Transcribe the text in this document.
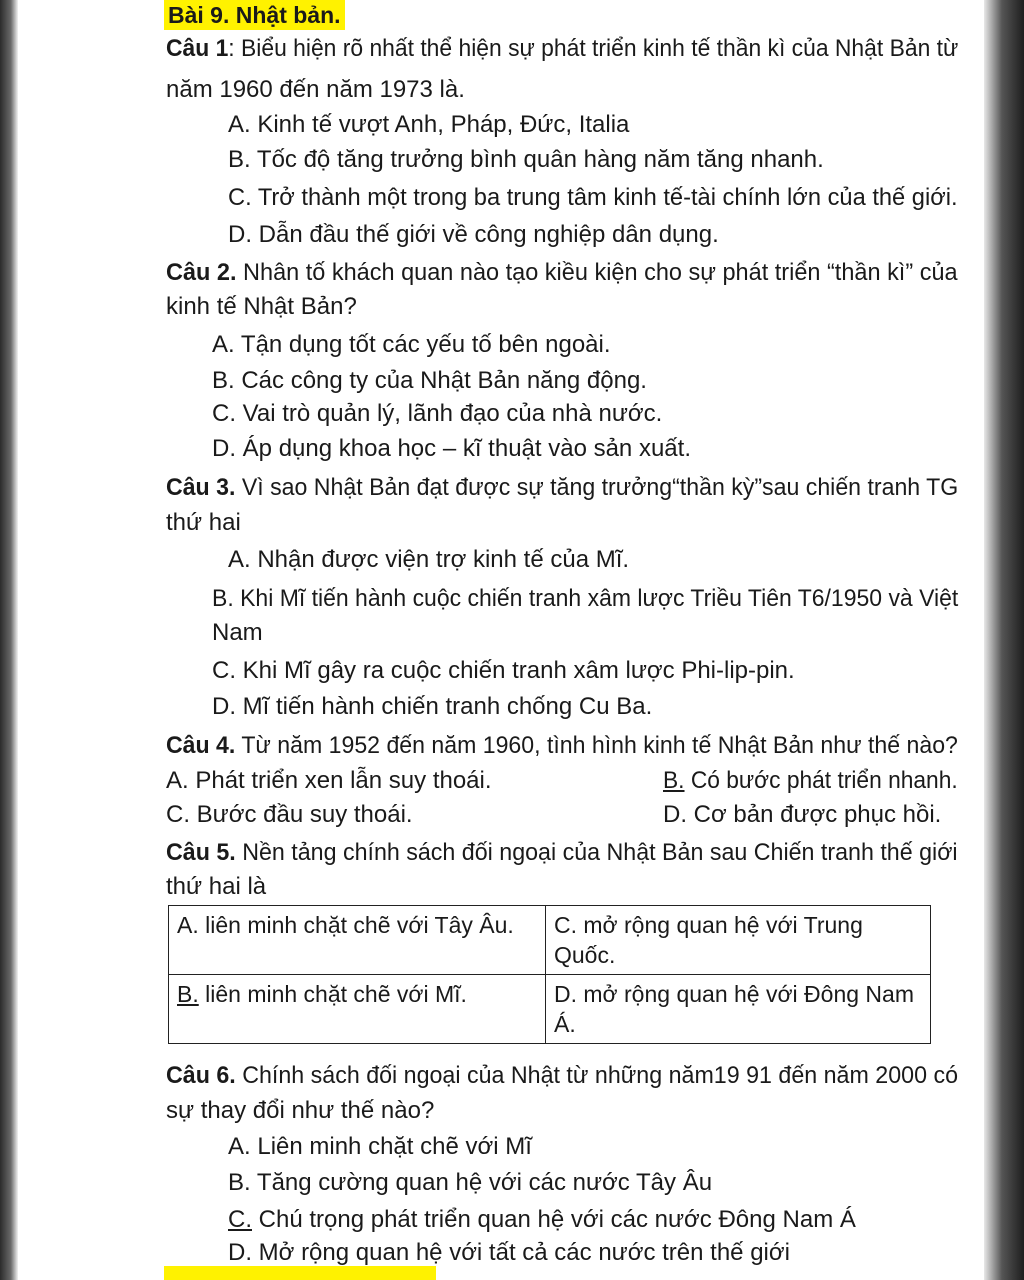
Bài 9. Nhật bản.
Câu 1: Biểu hiện rõ nhất thể hiện sự phát triển kinh tế thần kì của Nhật Bản từ
năm 1960 đến năm 1973 là.
A. Kinh tế vượt Anh, Pháp, Đức, Italia
B. Tốc độ tăng trưởng bình quân hàng năm tăng nhanh.
C. Trở thành một trong ba trung tâm kinh tế-tài chính lớn của thế giới.
D. Dẫn đầu thế giới về công nghiệp dân dụng.
Câu 2. Nhân tố khách quan nào tạo kiều kiện cho sự phát triển “thần kì” của
kinh tế Nhật Bản?
A. Tận dụng tốt các yếu tố bên ngoài.
B. Các công ty của Nhật Bản năng động.
C. Vai trò quản lý, lãnh đạo của nhà nước.
D. Áp dụng khoa học – kĩ thuật vào sản xuất.
Câu 3. Vì sao Nhật Bản đạt được sự tăng trưởng“thần kỳ”sau chiến tranh TG
thứ hai
A. Nhận được viện trợ kinh tế của Mĩ.
B. Khi Mĩ tiến hành cuộc chiến tranh xâm lược Triều Tiên T6/1950 và Việt
Nam
C. Khi Mĩ gây ra cuộc chiến tranh xâm lược Phi-lip-pin.
D. Mĩ tiến hành chiến tranh chống Cu Ba.
Câu 4. Từ năm 1952 đến năm 1960, tình hình kinh tế Nhật Bản như thế nào?
A. Phát triển xen lẫn suy thoái.	B. Có bước phát triển nhanh.
C. Bước đầu suy thoái.	D. Cơ bản được phục hồi.
Câu 5. Nền tảng chính sách đối ngoại của Nhật Bản sau Chiến tranh thế giới
thứ hai là
A. liên minh chặt chẽ với Tây Âu.	C. mở rộng quan hệ với Trung Quốc.
B. liên minh chặt chẽ với Mĩ.	D. mở rộng quan hệ với Đông Nam Á.
Câu 6. Chính sách đối ngoại của Nhật từ những năm19 91 đến năm 2000 có
sự thay đổi như thế nào?
A. Liên minh chặt chẽ với Mĩ
B. Tăng cường quan hệ với các nước Tây Âu
C. Chú trọng phát triển quan hệ với các nước Đông Nam Á
D. Mở rộng quan hệ với tất cả các nước trên thế giới
